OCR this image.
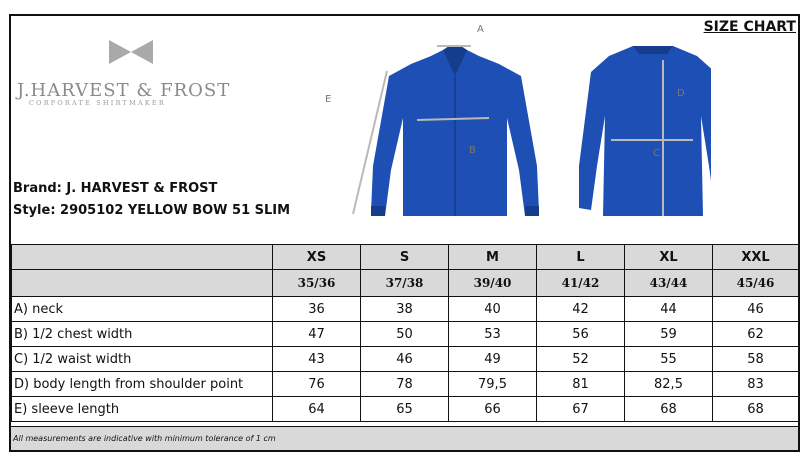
J.HARVEST & FROST
CORPORATE SHIRTMAKER
Brand: J. HARVEST & FROST
Style: 2905102 YELLOW BOW 51 SLIM
SIZE CHART
A
B	C
D
E
	XS	S	M	L	XL	XXL
	35/36	37/38	39/40	41/42	43/44	45/46
A) neck	36	38	40	42	44	46
B) 1/2 chest width	47	50	53	56	59	62
C) 1/2 waist width	43	46	49	52	55	58
D) body length from shoulder point	76	78	79,5	81	82,5	83
E) sleeve length	64	65	66	67	68	68
All measurements are indicative with minimum tolerance of 1 cm
